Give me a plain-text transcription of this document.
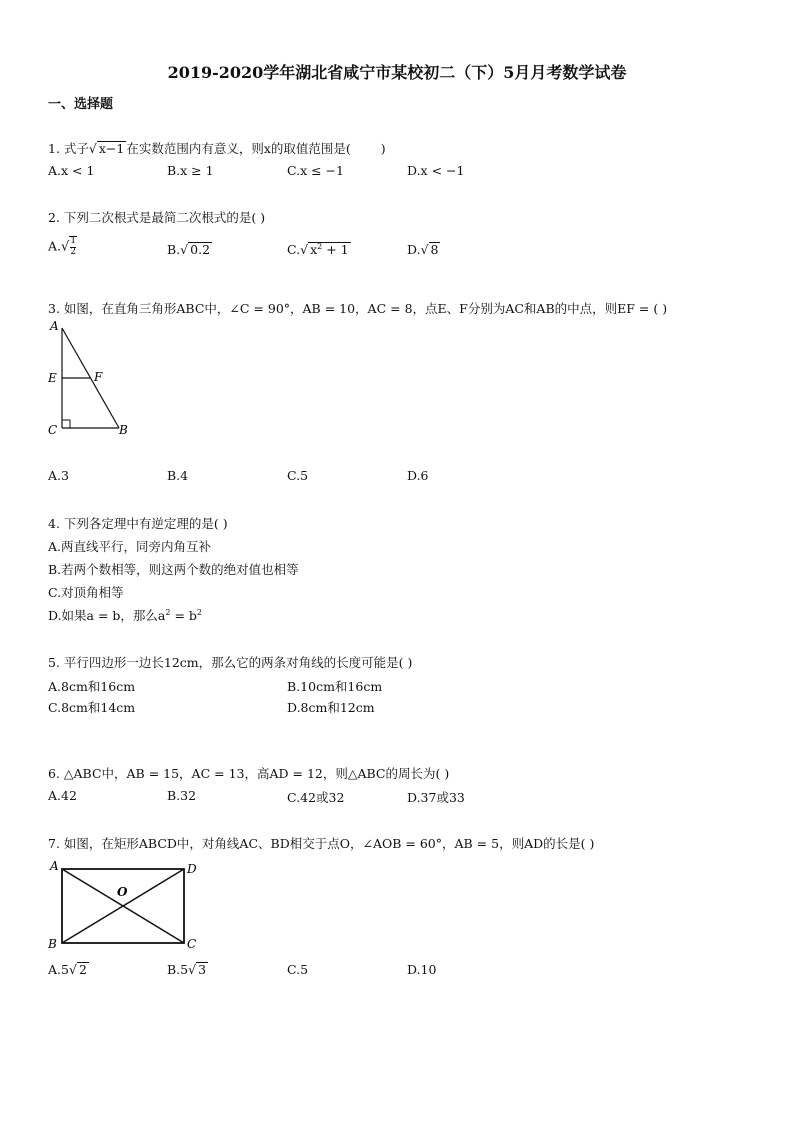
2019-2020学年湖北省咸宁市某校初二（下）5月月考数学试卷
一、选择题
1. 式子√ x−1 在实数范围内有意义，则x的取值范围是( )
A.x < 1	B.x ≥ 1	C.x ≤ −1	D.x < −1
2. 下列二次根式是最简二次根式的是( )
$A.√ \frac{1}{2}$	B.√ 0.2	C.√ $x^2 + 1$	D.√ 8
3. 如图，在直角三角形ABC中，∠C = 90°，AB = 10，AC = 8，点E、F分别为AC和AB的中点，则EF = ( )
A
E	F
C	B
A.3	B.4	C.5	D.6
4. 下列各定理中有逆定理的是( )
A.两直线平行，同旁内角互补
B.若两个数相等，则这两个数的绝对值也相等
C.对顶角相等
D.如果a = b，那么$a^2 = b^2$
5. 平行四边形一边长12cm，那么它的两条对角线的长度可能是( )
A.8cm和16cm	B.10cm和16cm
C.8cm和14cm	D.8cm和12cm
6. △ABC中，AB = 15，AC = 13，高AD = 12，则△ABC的周长为( )
A.42	B.32	C.42或32	D.37或33
7. 如图，在矩形ABCD中，对角线AC、BD相交于点O，∠AOB = 60°，AB = 5，则AD的长是( )
A	D
O
B	C
A.5√ 2	B.5√ 3	C.5	D.10
